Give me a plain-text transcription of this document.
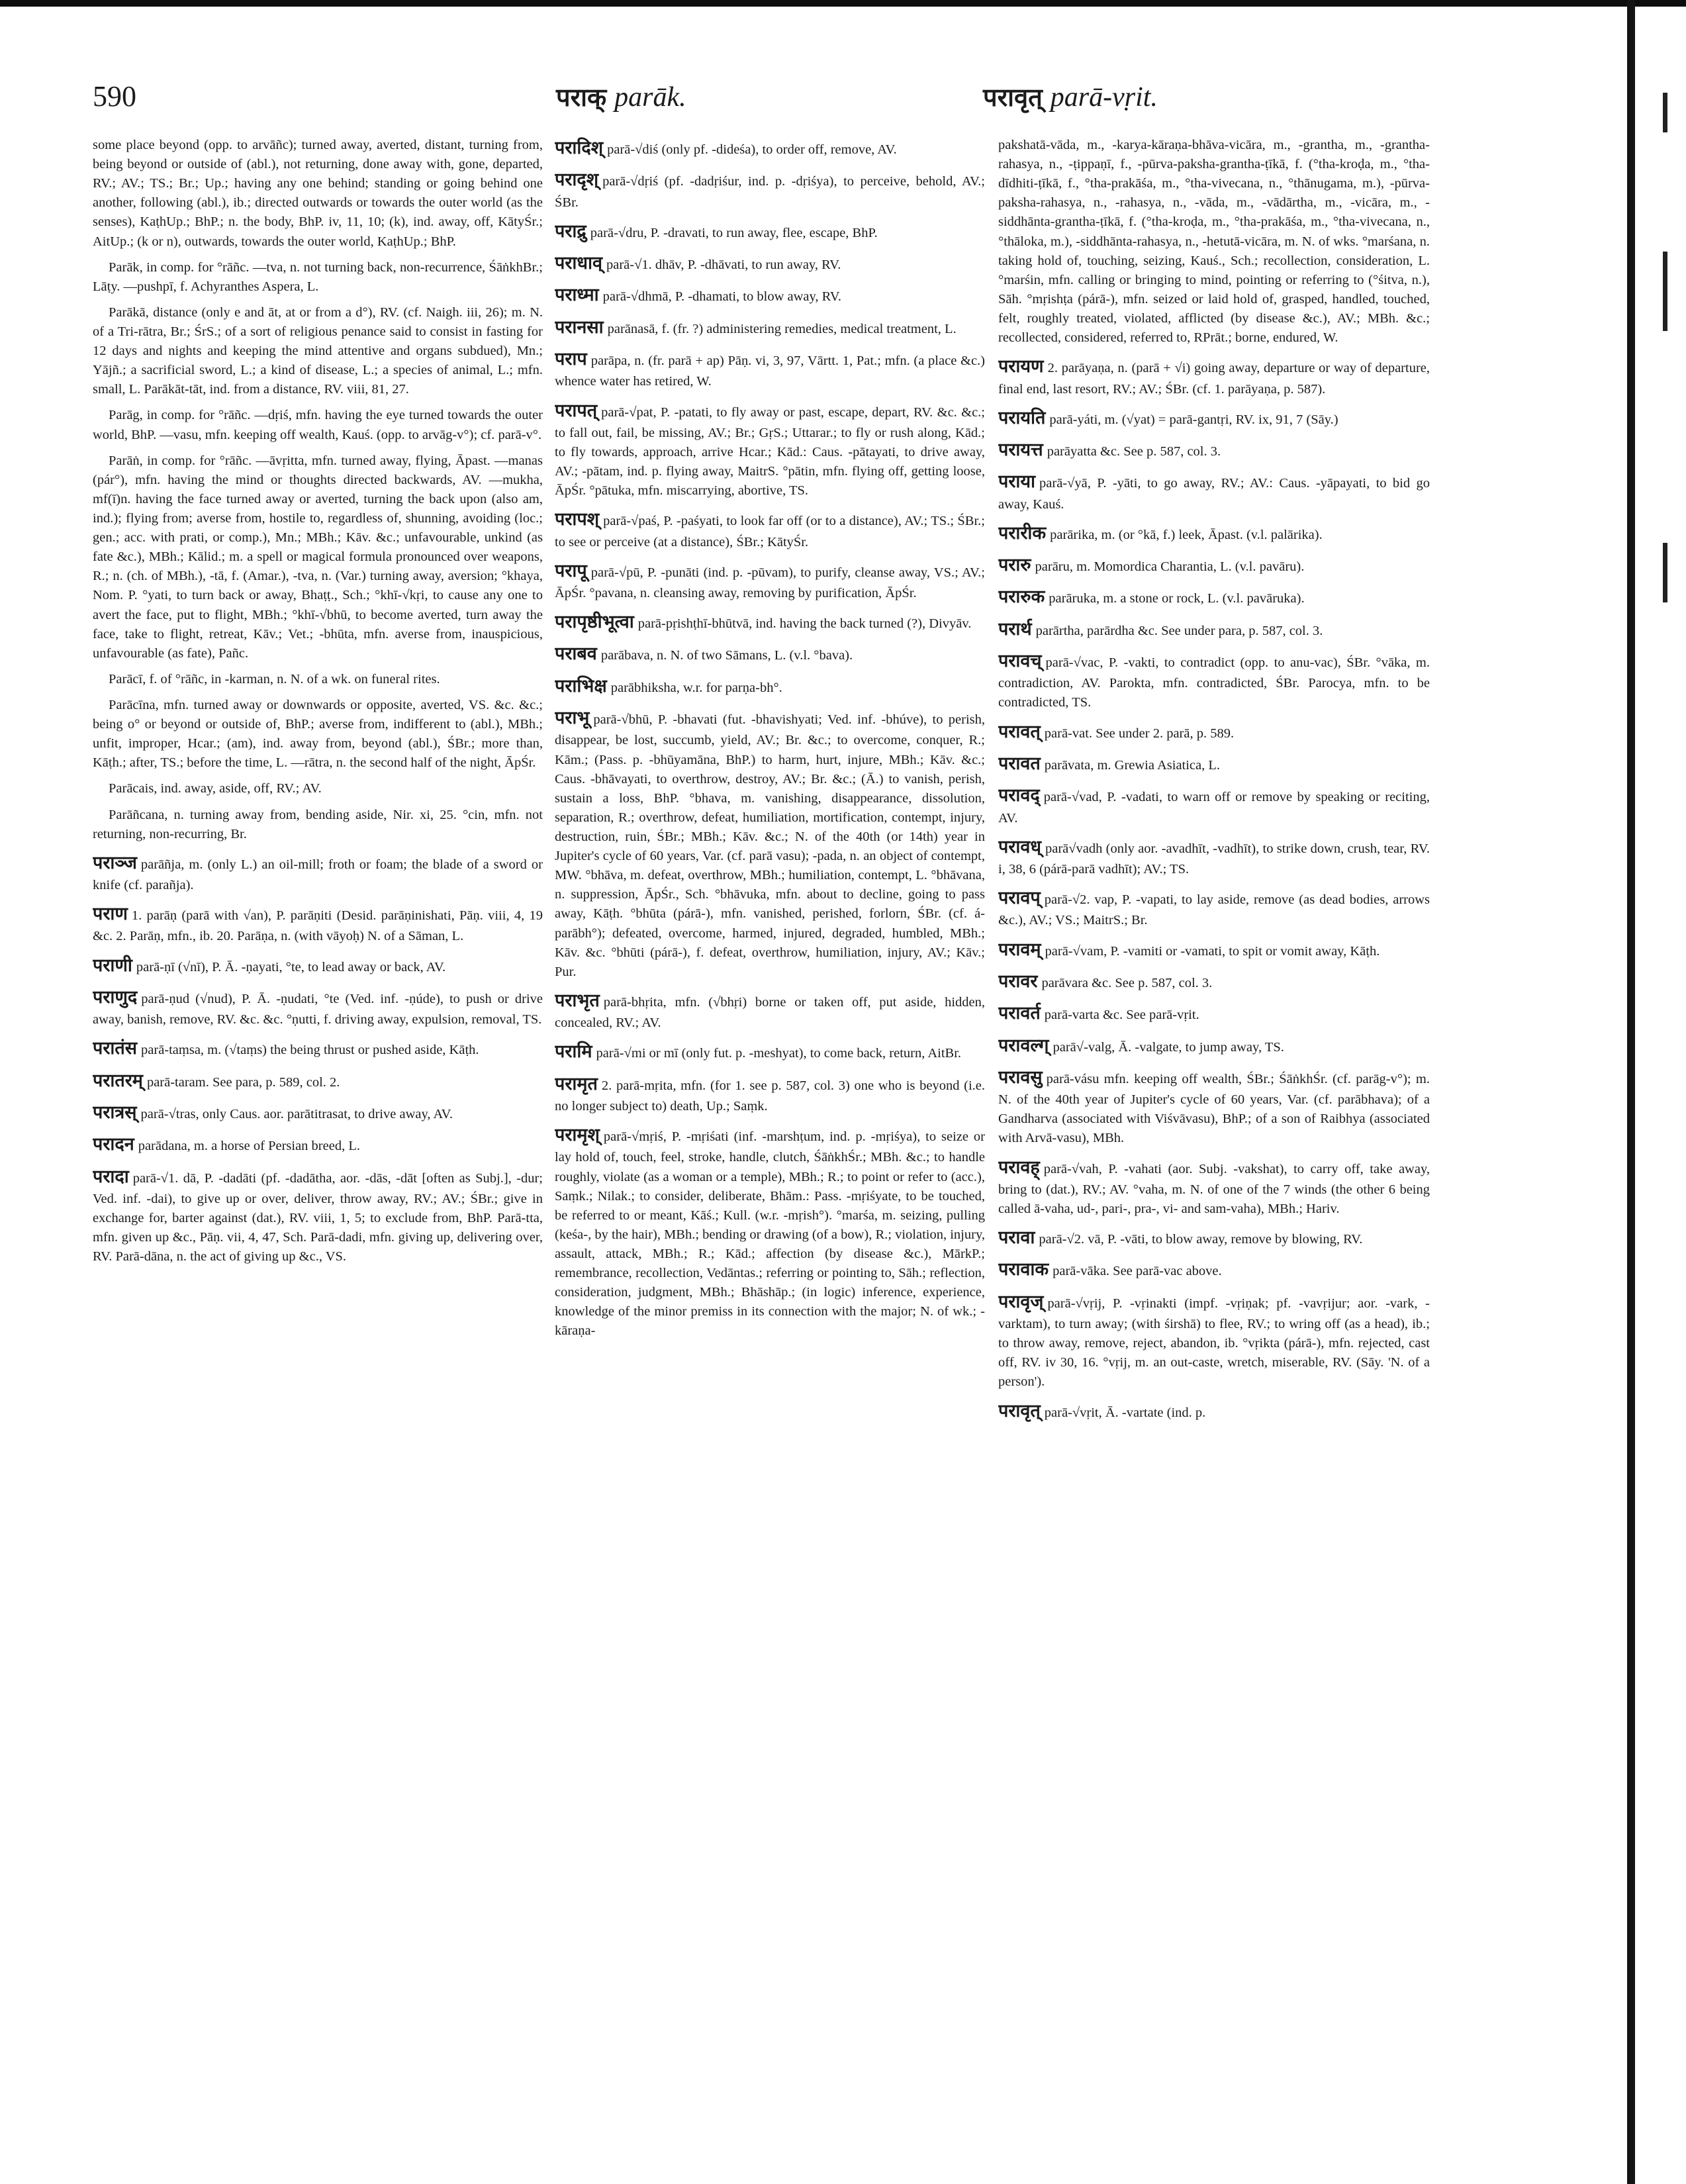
590	पराक् parāk.	परावृत् parā-vṛit.

some place beyond (opp. to arvāñc); turned away, averted, distant, turning from, being beyond or outside of (abl.), not returning, done away with, gone, departed, RV.; AV.; TS.; Br.; Up.; having any one behind; standing or going behind one another, following (abl.), ib.; directed outwards or towards the outer world (as the senses), KaṭhUp.; BhP.; n. the body, BhP. iv, 11, 10; (k), ind. away, off, KātyŚr.; AitUp.; (k or n), outwards, towards the outer world, KaṭhUp.; BhP.

Parāk, in comp. for °rāñc. —tva, n. not turning back, non-recurrence, ŚāṅkhBr.; Lāṭy. —pushpī, f. Achyranthes Aspera, L.

Parākā, distance (only e and āt, at or from a d°), RV. (cf. Naigh. iii, 26); m. N. of a Tri-rātra, Br.; ŚrS.; of a sort of religious penance said to consist in fasting for 12 days and nights and keeping the mind attentive and organs subdued), Mn.; Yājñ.; a sacrificial sword, L.; a kind of disease, L.; a species of animal, L.; mfn. small, L. Parākāt-tāt, ind. from a distance, RV. viii, 81, 27.

Parāg, in comp. for °rāñc. —dṛiś, mfn. having the eye turned towards the outer world, BhP. —vasu, mfn. keeping off wealth, Kauś. (opp. to arvāg-v°); cf. parā-v°.

Parāṅ, in comp. for °rāñc. —āvṛitta, mfn. turned away, flying, Āpast. —manas (pár°), mfn. having the mind or thoughts directed backwards, AV. —mukha, mf(ī)n. having the face turned away or averted, turning the back upon (also am, ind.); flying from; averse from, hostile to, regardless of, shunning, avoiding (loc.; gen.; acc. with prati, or comp.), Mn.; MBh.; Kāv. &c.; unfavourable, unkind (as fate &c.), MBh.; Kālid.; m. a spell or magical formula pronounced over weapons, R.; n. (ch. of MBh.), -tā, f. (Amar.), -tva, n. (Var.) turning away, aversion; °khaya, Nom. P. °yati, to turn back or away, Bhaṭṭ., Sch.; °khī-√kṛi, to cause any one to avert the face, put to flight, MBh.; °khī-√bhū, to become averted, turn away the face, take to flight, retreat, Kāv.; Vet.; -bhūta, mfn. averse from, inauspicious, unfavourable (as fate), Pañc.

Parācī, f. of °rāñc, in -karman, n. N. of a wk. on funeral rites.

Parācīna, mfn. turned away or downwards or opposite, averted, VS. &c. &c.; being o° or beyond or outside of, BhP.; averse from, indifferent to (abl.), MBh.; unfit, improper, Hcar.; (am), ind. away from, beyond (abl.), ŚBr.; more than, Kāṭh.; after, TS.; before the time, L. —rātra, n. the second half of the night, ĀpŚr.

Parācais, ind. away, aside, off, RV.; AV.

Parāñcana, n. turning away from, bending aside, Nir. xi, 25. °cin, mfn. not returning, non-recurring, Br.

पराञ्ज parāñja, m. (only L.) an oil-mill; froth or foam; the blade of a sword or knife (cf. parañja).

पराण 1. parāṇ (parā with √an), P. parāṇiti (Desid. parāṇinishati, Pāṇ. viii, 4, 19 &c. 2. Parāṇ, mfn., ib. 20. Parāṇa, n. (with vāyoḥ) N. of a Sāman, L.

पराणी parā-ṇī (√nī), P. Ā. -ṇayati, °te, to lead away or back, AV.

पराणुद parā-ṇud (√nud), P. Ā. -ṇudati, °te (Ved. inf. -ṇúde), to push or drive away, banish, remove, RV. &c. &c. °ṇutti, f. driving away, expulsion, removal, TS.

परातंस parā-taṃsa, m. (√taṃs) the being thrust or pushed aside, Kāṭh.

परातरम् parā-taram. See para, p. 589, col. 2.

परात्रस् parā-√tras, only Caus. aor. parātitrasat, to drive away, AV.

परादन parādana, m. a horse of Persian breed, L.

परादा parā-√1. dā, P. -dadāti (pf. -dadātha, aor. -dās, -dāt [often as Subj.], -dur; Ved. inf. -dai), to give up or over, deliver, throw away, RV.; AV.; ŚBr.; give in exchange for, barter against (dat.), RV. viii, 1, 5; to exclude from, BhP. Parā-tta, mfn. given up &c., Pāṇ. vii, 4, 47, Sch. Parā-dadi, mfn. giving up, delivering over, RV. Parā-dāna, n. the act of giving up &c., VS.

परादिश् parā-√diś (only pf. -dideśa), to order off, remove, AV.

परादृश् parā-√dṛiś (pf. -dadṛiśur, ind. p. -dṛiśya), to perceive, behold, AV.; ŚBr.

पराद्रु parā-√dru, P. -dravati, to run away, flee, escape, BhP.

पराधाव् parā-√1. dhāv, P. -dhāvati, to run away, RV.

पराध्मा parā-√dhmā, P. -dhamati, to blow away, RV.

परानसा parānasā, f. (fr. ?) administering remedies, medical treatment, L.

पराप parāpa, n. (fr. parā + ap) Pāṇ. vi, 3, 97, Vārtt. 1, Pat.; mfn. (a place &c.) whence water has retired, W.

परापत् parā-√pat, P. -patati, to fly away or past, escape, depart, RV. &c. &c.; to fall out, fail, be missing, AV.; Br.; GṛS.; Uttarar.; to fly or rush along, Kād.; to fly towards, approach, arrive Hcar.; Kād.: Caus. -pātayati, to drive away, AV.; -pātam, ind. p. flying away, MaitrS. °pātin, mfn. flying off, getting loose, ĀpŚr. °pātuka, mfn. miscarrying, abortive, TS.

परापश् parā-√paś, P. -paśyati, to look far off (or to a distance), AV.; TS.; ŚBr.; to see or perceive (at a distance), ŚBr.; KātyŚr.

परापू parā-√pū, P. -punāti (ind. p. -pūvam), to purify, cleanse away, VS.; AV.; ĀpŚr. °pavana, n. cleansing away, removing by purification, ĀpŚr.

परापृष्ठीभूत्वा parā-pṛishṭhī-bhūtvā, ind. having the back turned (?), Divyāv.

पराबव parābava, n. N. of two Sāmans, L. (v.l. °bava).

पराभिक्ष parābhiksha, w.r. for parṇa-bh°.

पराभू parā-√bhū, P. -bhavati (fut. -bhavishyati; Ved. inf. -bhúve), to perish, disappear, be lost, succumb, yield, AV.; Br. &c.; to overcome, conquer, R.; Kām.; (Pass. p. -bhūyamāna, BhP.) to harm, hurt, injure, MBh.; Kāv. &c.; Caus. -bhāvayati, to overthrow, destroy, AV.; Br. &c.; (Ā.) to vanish, perish, sustain a loss, BhP. °bhava, m. vanishing, disappearance, dissolution, separation, R.; overthrow, defeat, humiliation, mortification, contempt, injury, destruction, ruin, ŚBr.; MBh.; Kāv. &c.; N. of the 40th (or 14th) year in Jupiter's cycle of 60 years, Var. (cf. parā vasu); -pada, n. an object of contempt, MW. °bhāva, m. defeat, overthrow, MBh.; humiliation, contempt, L. °bhāvana, n. suppression, ĀpŚr., Sch. °bhāvuka, mfn. about to decline, going to pass away, Kāṭh. °bhūta (párā-), mfn. vanished, perished, forlorn, ŚBr. (cf. á-parābh°); defeated, overcome, harmed, injured, degraded, humbled, MBh.; Kāv. &c. °bhūti (párā-), f. defeat, overthrow, humiliation, injury, AV.; Kāv.; Pur.

पराभृत parā-bhṛita, mfn. (√bhṛi) borne or taken off, put aside, hidden, concealed, RV.; AV.

परामि parā-√mi or mī (only fut. p. -meshyat), to come back, return, AitBr.

परामृत 2. parā-mṛita, mfn. (for 1. see p. 587, col. 3) one who is beyond (i.e. no longer subject to) death, Up.; Saṃk.

परामृश् parā-√mṛiś, P. -mṛiśati (inf. -marshṭum, ind. p. -mṛiśya), to seize or lay hold of, touch, feel, stroke, handle, clutch, ŚāṅkhŚr.; MBh. &c.; to handle roughly, violate (as a woman or a temple), MBh.; R.; to point or refer to (acc.), Saṃk.; Nilak.; to consider, deliberate, Bhām.: Pass. -mṛiśyate, to be touched, be referred to or meant, Kāś.; Kull. (w.r. -mṛish°). °marśa, m. seizing, pulling (keśa-, by the hair), MBh.; bending or drawing (of a bow), R.; violation, injury, assault, attack, MBh.; R.; Kād.; affection (by disease &c.), MārkP.; remembrance, recollection, Vedāntas.; referring or pointing to, Sāh.; reflection, consideration, judgment, MBh.; Bhāshāp.; (in logic) inference, experience, knowledge of the minor premiss in its connection with the major; N. of wk.; -kāraṇa-

pakshatā-vāda, m., -karya-kāraṇa-bhāva-vicāra, m., -grantha, m., -grantha-rahasya, n., -ṭippaṇī, f., -pūrva-paksha-grantha-ṭīkā, f. (°tha-kroḍa, m., °tha-dīdhiti-ṭīkā, f., °tha-prakāśa, m., °tha-vivecana, n., °thānugama, m.), -pūrva-paksha-rahasya, n., -rahasya, n., -vāda, m., -vādārtha, m., -vicāra, m., -siddhānta-grantha-ṭīkā, f. (°tha-kroḍa, m., °tha-prakāśa, m., °tha-vivecana, n., °thāloka, m.), -siddhānta-rahasya, n., -hetutā-vicāra, m. N. of wks. °marśana, n. taking hold of, touching, seizing, Kauś., Sch.; recollection, consideration, L. °marśin, mfn. calling or bringing to mind, pointing or referring to (°śitva, n.), Sāh. °mṛishṭa (párā-), mfn. seized or laid hold of, grasped, handled, touched, felt, roughly treated, violated, afflicted (by disease &c.), AV.; MBh. &c.; recollected, considered, referred to, RPrāt.; borne, endured, W.

परायण 2. parāyaṇa, n. (parā + √i) going away, departure or way of departure, final end, last resort, RV.; AV.; ŚBr. (cf. 1. parāyaṇa, p. 587).

परायति parā-yáti, m. (√yat) = parā-gantṛi, RV. ix, 91, 7 (Sāy.)

परायत्त parāyatta &c. See p. 587, col. 3.

पराया parā-√yā, P. -yāti, to go away, RV.; AV.: Caus. -yāpayati, to bid go away, Kauś.

परारीक parārika, m. (or °kā, f.) leek, Āpast. (v.l. palārika).

परारु parāru, m. Momordica Charantia, L. (v.l. pavāru).

परारुक parāruka, m. a stone or rock, L. (v.l. pavāruka).

परार्थ parārtha, parārdha &c. See under para, p. 587, col. 3.

परावच् parā-√vac, P. -vakti, to contradict (opp. to anu-vac), ŚBr. °vāka, m. contradiction, AV. Parokta, mfn. contradicted, ŚBr. Parocya, mfn. to be contradicted, TS.

परावत् parā-vat. See under 2. parā, p. 589.

परावत parāvata, m. Grewia Asiatica, L.

परावद् parā-√vad, P. -vadati, to warn off or remove by speaking or reciting, AV.

परावध् parā√vadh (only aor. -avadhīt, -vadhīt), to strike down, crush, tear, RV. i, 38, 6 (párā-parā vadhīt); AV.; TS.

परावप् parā-√2. vap, P. -vapati, to lay aside, remove (as dead bodies, arrows &c.), AV.; VS.; MaitrS.; Br.

परावम् parā-√vam, P. -vamiti or -vamati, to spit or vomit away, Kāṭh.

परावर parāvara &c. See p. 587, col. 3.

परावर्त parā-varta &c. See parā-vṛit.

परावल्ग् parā√-valg, Ā. -valgate, to jump away, TS.

परावसु parā-vásu mfn. keeping off wealth, ŚBr.; ŚāṅkhŚr. (cf. parāg-v°); m. N. of the 40th year of Jupiter's cycle of 60 years, Var. (cf. parābhava); of a Gandharva (associated with Viśvāvasu), BhP.; of a son of Raibhya (associated with Arvā-vasu), MBh.

परावह् parā-√vah, P. -vahati (aor. Subj. -vakshat), to carry off, take away, bring to (dat.), RV.; AV. °vaha, m. N. of one of the 7 winds (the other 6 being called ā-vaha, ud-, pari-, pra-, vi- and sam-vaha), MBh.; Hariv.

परावा parā-√2. vā, P. -vāti, to blow away, remove by blowing, RV.

परावाक parā-vāka. See parā-vac above.

परावृज् parā-√vṛij, P. -vṛinakti (impf. -vṛiṇak; pf. -vavṛijur; aor. -vark, -varktam), to turn away; (with śirshā) to flee, RV.; to wring off (as a head), ib.; to throw away, remove, reject, abandon, ib. °vṛikta (párā-), mfn. rejected, cast off, RV. iv 30, 16. °vṛij, m. an out-caste, wretch, miserable, RV. (Sāy. 'N. of a person').

परावृत् parā-√vṛit, Ā. -vartate (ind. p.
